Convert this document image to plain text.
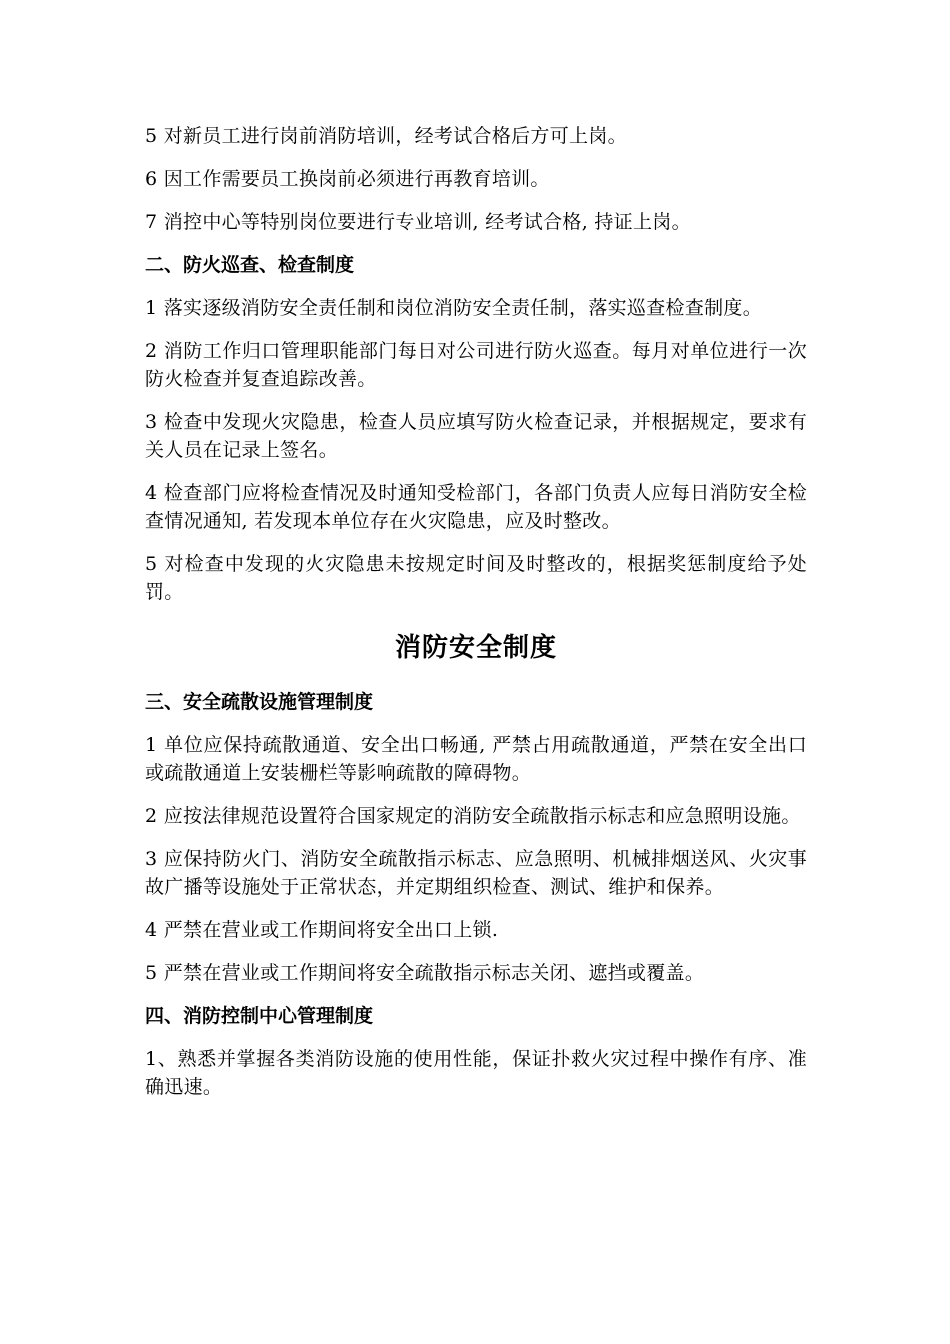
5 对新员工进行岗前消防培训，经考试合格后方可上岗。

6 因工作需要员工换岗前必须进行再教育培训。

7 消控中心等特别岗位要进行专业培训, 经考试合格, 持证上岗。

二、防火巡查、检查制度

1 落实逐级消防安全责任制和岗位消防安全责任制，落实巡查检查制度。

2 消防工作归口管理职能部门每日对公司进行防火巡查。每月对单位进行一次防火检查并复查追踪改善。

3 检查中发现火灾隐患，检查人员应填写防火检查记录，并根据规定，要求有关人员在记录上签名。

4 检查部门应将检查情况及时通知受检部门，各部门负责人应每日消防安全检查情况通知, 若发现本单位存在火灾隐患，应及时整改。

5 对检查中发现的火灾隐患未按规定时间及时整改的，根据奖惩制度给予处罚。

消防安全制度
三、安全疏散设施管理制度

1 单位应保持疏散通道、安全出口畅通, 严禁占用疏散通道，严禁在安全出口或疏散通道上安装栅栏等影响疏散的障碍物。

2 应按法律规范设置符合国家规定的消防安全疏散指示标志和应急照明设施。

3 应保持防火门、消防安全疏散指示标志、应急照明、机械排烟送风、火灾事故广播等设施处于正常状态，并定期组织检查、测试、维护和保养。

4 严禁在营业或工作期间将安全出口上锁.

5 严禁在营业或工作期间将安全疏散指示标志关闭、遮挡或覆盖。

四、消防控制中心管理制度

1、熟悉并掌握各类消防设施的使用性能，保证扑救火灾过程中操作有序、准确迅速。
